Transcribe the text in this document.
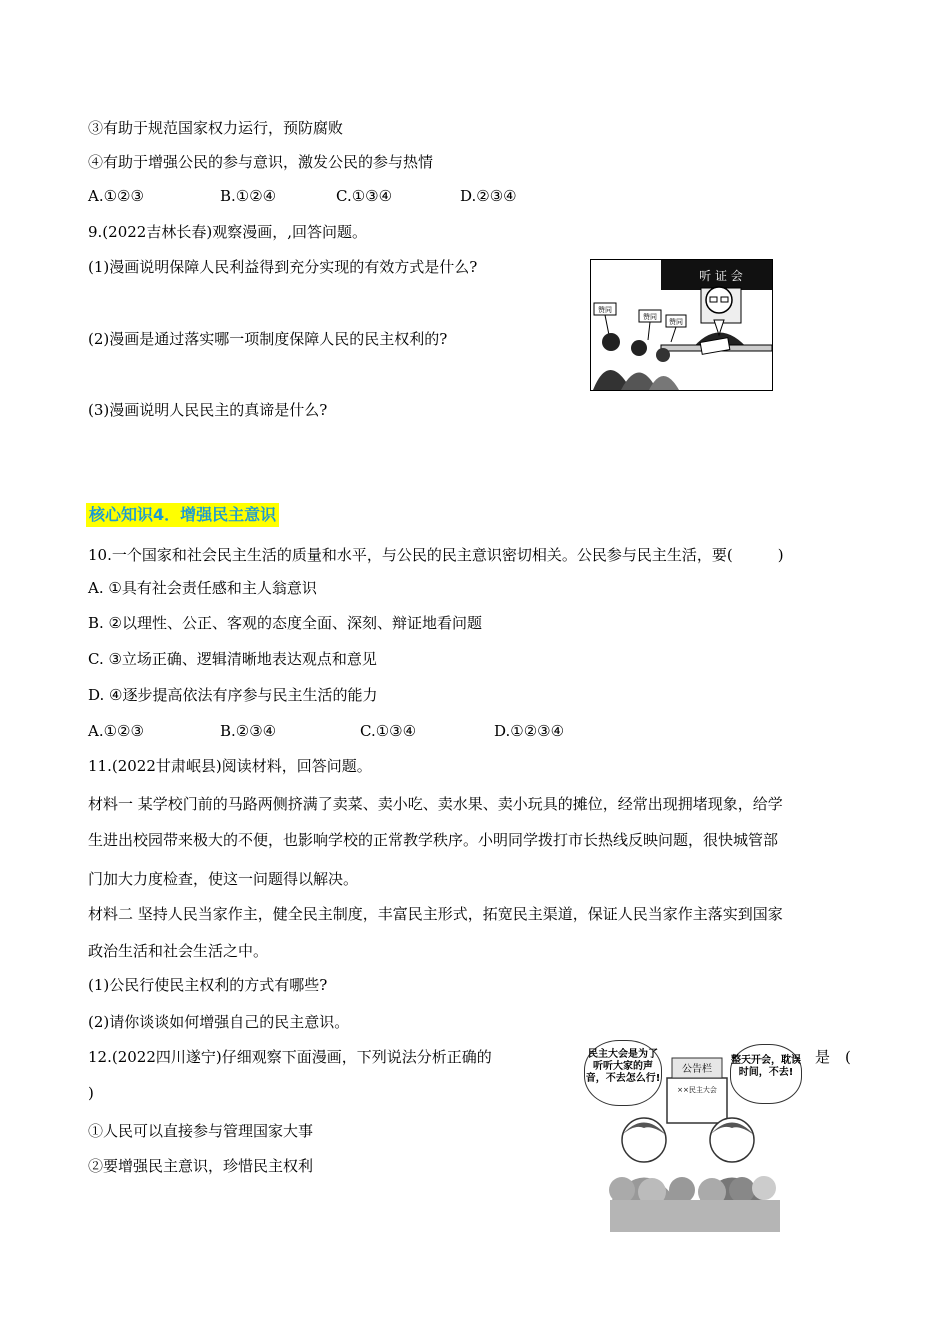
③有助于规范国家权力运行，预防腐败
④有助于增强公民的参与意识，激发公民的参与热情
A.①②③	B.①②④	C.①③④	D.②③④
9.(2022吉林长春)观察漫画，,回答问题。
(1)漫画说明保障人民利益得到充分实现的有效方式是什么?
(2)漫画是通过落实哪一项制度保障人民的民主权利的?
(3)漫画说明人民民主的真谛是什么?
听 证 会
赞同
赞同
赞同
核心知识4．增强民主意识
10.一个国家和社会民主生活的质量和水平，与公民的民主意识密切相关。公民参与民主生活，要(　　　)
A. ①具有社会责任感和主人翁意识
B. ②以理性、公正、客观的态度全面、深刻、辩证地看问题
C. ③立场正确、逻辑清晰地表达观点和意见
D. ④逐步提高依法有序参与民主生活的能力
A.①②③	B.②③④	C.①③④	D.①②③④
11.(2022甘肃岷县)阅读材料，回答问题。
材料一 某学校门前的马路两侧挤满了卖菜、卖小吃、卖水果、卖小玩具的摊位，经常出现拥堵现象，给学
生进出校园带来极大的不便，也影响学校的正常教学秩序。小明同学拨打市长热线反映问题，很快城管部
门加大力度检查，使这一问题得以解决。
材料二 坚持人民当家作主，健全民主制度，丰富民主形式，拓宽民主渠道，保证人民当家作主落实到国家
政治生活和社会生活之中。
(1)公民行使民主权利的方式有哪些?
(2)请你谈谈如何增强自己的民主意识。
12.(2022四川遂宁)仔细观察下面漫画，下列说法分析正确的	是　(
)
①人民可以直接参与管理国家大事
②要增强民主意识，珍惜民主权利
公告栏
××民主大会
民主大会是为了听听大家的声音，不去怎么行!
整天开会，耽误时间，不去!
